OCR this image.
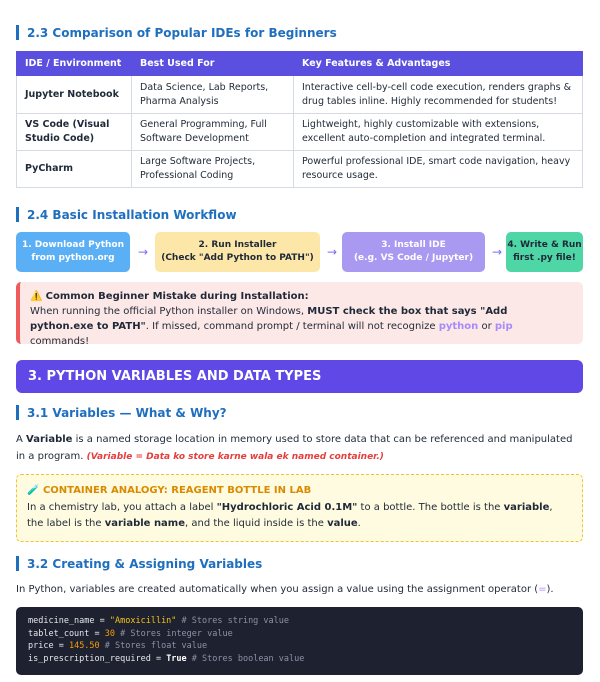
2.3 Comparison of Popular IDEs for Beginners
IDE / Environment	Best Used For	Key Features & Advantages
Jupyter Notebook	Data Science, Lab Reports, Pharma Analysis	Interactive cell-by-cell code execution, renders graphs & drug tables inline. Highly recommended for students!
VS Code (Visual Studio Code)	General Programming, Full Software Development	Lightweight, highly customizable with extensions, excellent auto-completion and integrated terminal.
PyCharm	Large Software Projects, Professional Coding	Powerful professional IDE, smart code navigation, heavy resource usage.
2.4 Basic Installation Workflow
1. Download Python
from python.org →	2. Run Installer
(Check "Add Python to PATH") →	3. Install IDE
(e.g. VS Code / Jupyter) → 4. Write & Run
first .py file!
⚠️ Common Beginner Mistake during Installation:
When running the official Python installer on Windows, MUST check the box that says "Add python.exe to PATH". If missed, command prompt / terminal will not recognize python or pip commands!
3. PYTHON VARIABLES AND DATA TYPES
3.1 Variables — What & Why?
A Variable is a named storage location in memory used to store data that can be referenced and manipulated in a program. (Variable = Data ko store karne wala ek named container.)
🧪 CONTAINER ANALOGY: REAGENT BOTTLE IN LAB
In a chemistry lab, you attach a label "Hydrochloric Acid 0.1M" to a bottle. The bottle is the variable, the label is the variable name, and the liquid inside is the value.
3.2 Creating & Assigning Variables
In Python, variables are created automatically when you assign a value using the assignment operator (=).
medicine_name = "Amoxicillin" # Stores string value
tablet_count = 30 # Stores integer value
price = 145.50 # Stores float value
is_prescription_required = True # Stores boolean value
